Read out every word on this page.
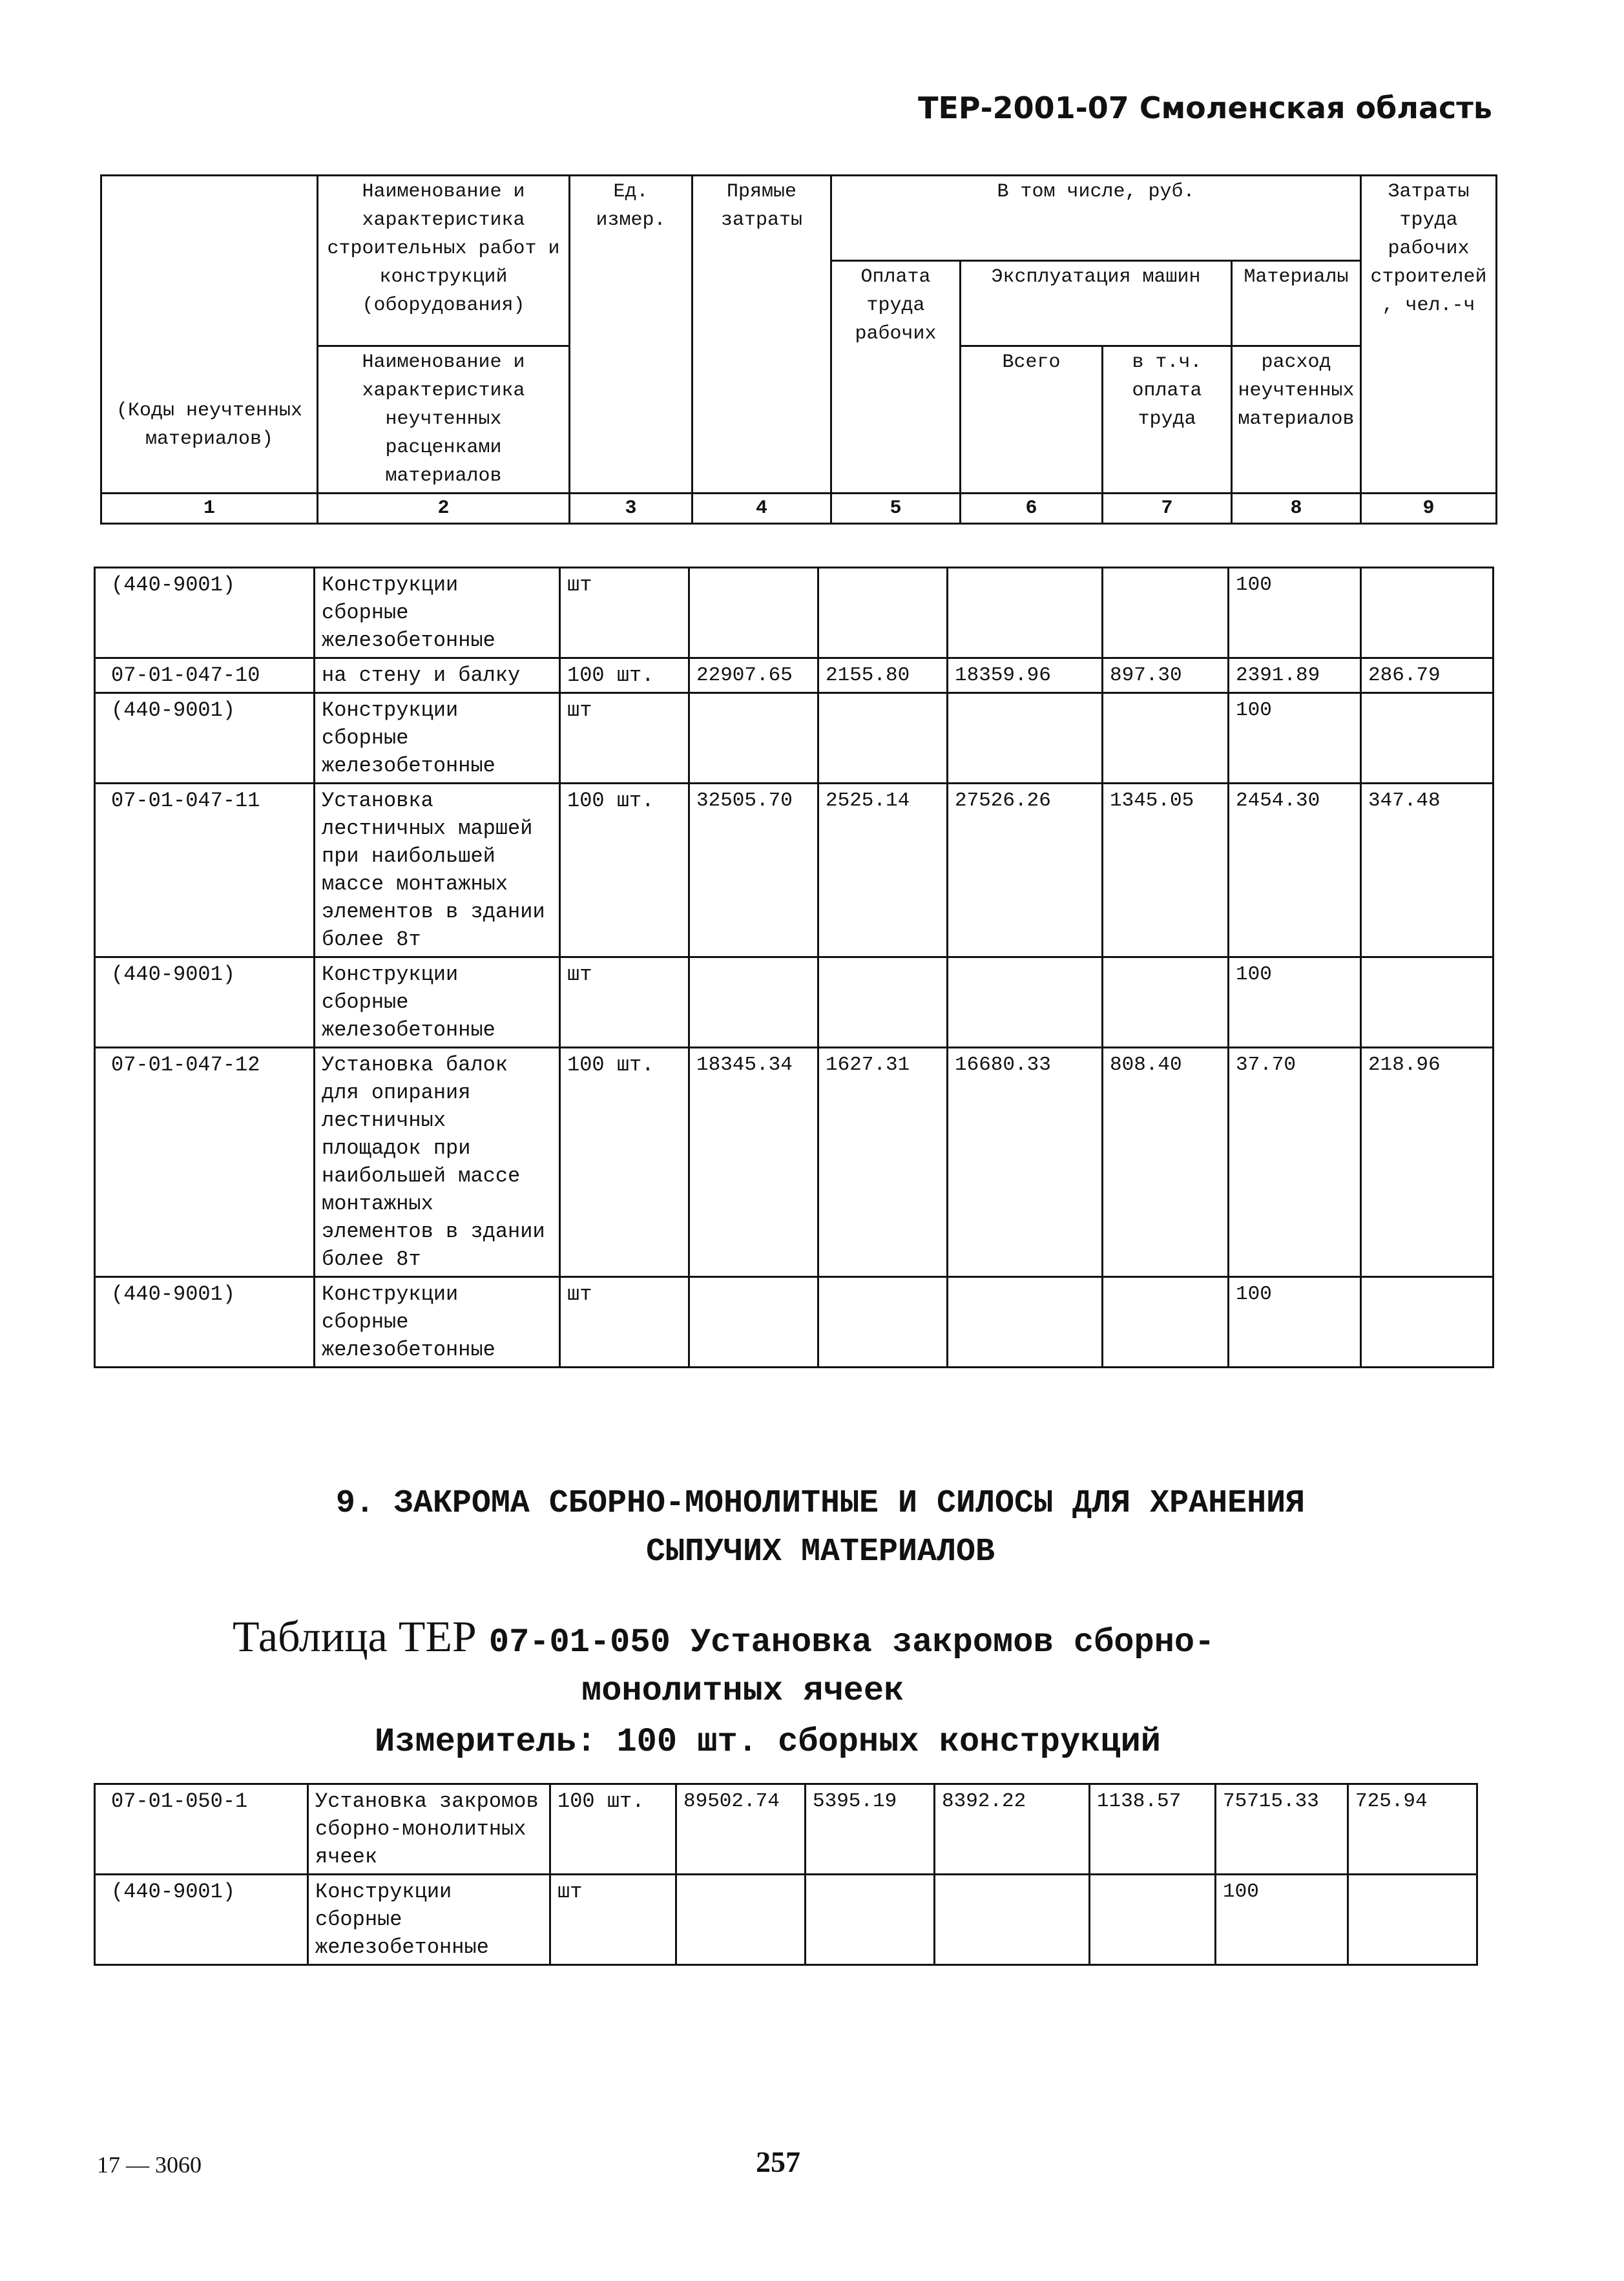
ТЕР-2001-07 Смоленская область
(Коды неучтенных материалов)	Наименование и характеристика строительных работ и конструкций (оборудования)	Ед. измер.	Прямые затраты	В том числе, руб.				Затраты труда рабочих строителей, чел.-ч
				Оплата труда рабочих	Эксплуатация машин		Материалы	
	Наименование и характеристика неучтенных расценками материалов				Всего	в т.ч. оплата труда	расход неучтенных материалов	
1	2	3	4	5	6	7	8	9
(440-9001)	Конструкции сборные железобетонные	шт					100	
07-01-047-10	на стену и балку	100 шт.	22907.65	2155.80	18359.96	897.30	2391.89	286.79
(440-9001)	Конструкции сборные железобетонные	шт					100	
07-01-047-11	Установка лестничных маршей при наибольшей массе монтажных элементов в здании более 8т	100 шт.	32505.70	2525.14	27526.26	1345.05	2454.30	347.48
(440-9001)	Конструкции сборные железобетонные	шт					100	
07-01-047-12	Установка балок для опирания лестничных площадок при наибольшей массе монтажных элементов в здании более 8т	100 шт.	18345.34	1627.31	16680.33	808.40	37.70	218.96
(440-9001)	Конструкции сборные железобетонные	шт					100	
9. ЗАКРОМА СБОРНО-МОНОЛИТНЫЕ И СИЛОСЫ ДЛЯ ХРАНЕНИЯ
СЫПУЧИХ МАТЕРИАЛОВ
Таблица ТЕР 07-01-050 Установка закромов сборно-
монолитных ячеек
Измеритель: 100 шт. сборных конструкций
07-01-050-1	Установка закромов сборно-монолитных ячеек	100 шт.	89502.74	5395.19	8392.22	1138.57	75715.33	725.94
(440-9001)	Конструкции сборные железобетонные	шт					100	
17 — 3060	257
